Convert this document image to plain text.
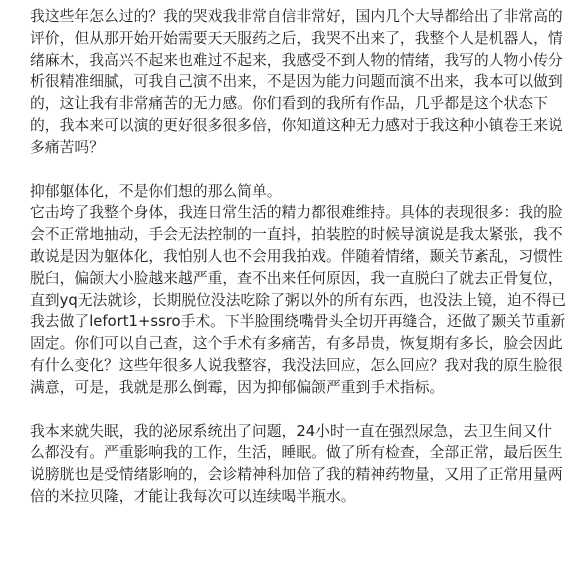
我这些年怎么过的？我的哭戏我非常自信非常好，国内几个大导都给出了非常高的
评价，但从那开始开始需要天天服药之后，我哭不出来了，我整个人是机器人，情
绪麻木，我高兴不起来也难过不起来，我感受不到人物的情绪，我写的人物小传分
析很精准细腻，可我自己演不出来，不是因为能力问题而演不出来，我本可以做到
的，这让我有非常痛苦的无力感。你们看到的我所有作品，几乎都是这个状态下
的，我本来可以演的更好很多很多倍，你知道这种无力感对于我这种小镇卷王来说
多痛苦吗？
抑郁躯体化，不是你们想的那么简单。
它击垮了我整个身体，我连日常生活的精力都很难维持。具体的表现很多：我的脸
会不正常地抽动，手会无法控制的一直抖，拍装腔的时候导演说是我太紧张，我不
敢说是因为躯体化，我怕别人也不会用我拍戏。伴随着情绪，颞关节紊乱，习惯性
脱臼，偏颌大小脸越来越严重，查不出来任何原因，我一直脱臼了就去正骨复位，
直到yq无法就诊，长期脱位没法吃除了粥以外的所有东西，也没法上镜，迫不得已
我去做了lefort1+ssro手术。下半脸围绕嘴骨头全切开再缝合，还做了颞关节重新
固定。你们可以自己查，这个手术有多痛苦，有多昂贵，恢复期有多长，脸会因此
有什么变化？这些年很多人说我整容，我没法回应，怎么回应？我对我的原生脸很
满意，可是，我就是那么倒霉，因为抑郁偏颌严重到手术指标。
我本来就失眠，我的泌尿系统出了问题，24小时一直在强烈尿急，去卫生间又什
么都没有。严重影响我的工作，生活，睡眠。做了所有检查，全部正常，最后医生
说膀胱也是受情绪影响的，会诊精神科加倍了我的精神药物量，又用了正常用量两
倍的米拉贝隆，才能让我每次可以连续喝半瓶水。
